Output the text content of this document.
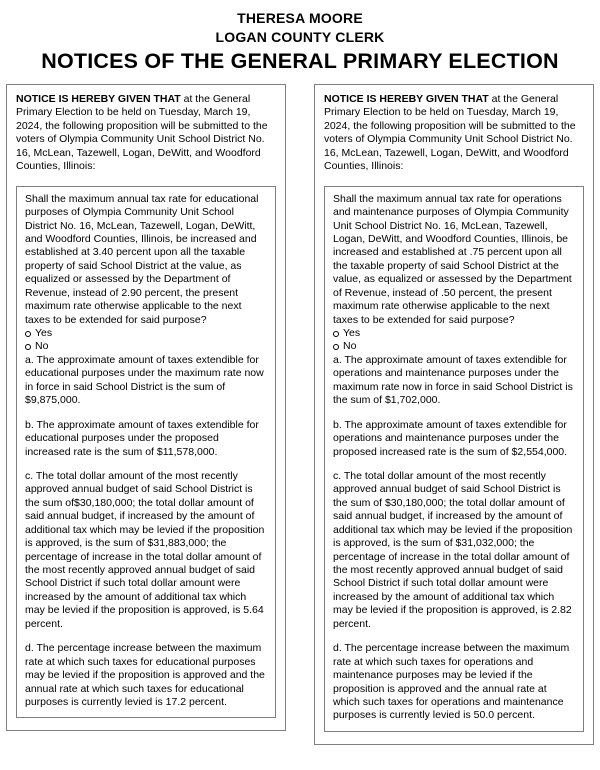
THERESA MOORE
LOGAN COUNTY CLERK
NOTICES OF THE GENERAL PRIMARY ELECTION

NOTICE IS HEREBY GIVEN THAT at the General Primary Election to be held on Tuesday, March 19, 2024, the following proposition will be submitted to the voters of Olympia Community Unit School District No. 16, McLean, Tazewell, Logan, DeWitt, and Woodford Counties, Illinois:

Shall the maximum annual tax rate for educational purposes of Olympia Community Unit School District No. 16, McLean, Tazewell, Logan, DeWitt, and Woodford Counties, Illinois, be increased and established at 3.40 percent upon all the taxable property of said School District at the value, as equalized or assessed by the Department of Revenue, instead of 2.90 percent, the present maximum rate otherwise applicable to the next taxes to be extended for said purpose?

Yes
No

a. The approximate amount of taxes extendible for educational purposes under the maximum rate now in force in said School District is the sum of $9,875,000.

b. The approximate amount of taxes extendible for educational purposes under the proposed increased rate is the sum of $11,578,000.

c. The total dollar amount of the most recently approved annual budget of said School District is the sum of$30,180,000; the total dollar amount of said annual budget, if increased by the amount of additional tax which may be levied if the proposition is approved, is the sum of $31,883,000; the percentage of increase in the total dollar amount of the most recently approved annual budget of said School District if such total dollar amount were increased by the amount of additional tax which may be levied if the proposition is approved, is 5.64 percent.

d. The percentage increase between the maximum rate at which such taxes for educational purposes may be levied if the proposition is approved and the annual rate at which such taxes for educational purposes is currently levied is 17.2 percent.

NOTICE IS HEREBY GIVEN THAT at the General Primary Election to be held on Tuesday, March 19, 2024, the following proposition will be submitted to the voters of Olympia Community Unit School District No. 16, McLean, Tazewell, Logan, DeWitt, and Woodford Counties, Illinois:

Shall the maximum annual tax rate for operations and maintenance purposes of Olympia Community Unit School District No. 16, McLean, Tazewell, Logan, DeWitt, and Woodford Counties, Illinois, be increased and established at .75 percent upon all the taxable property of said School District at the value, as equalized or assessed by the Department of Revenue, instead of .50 percent, the present maximum rate otherwise applicable to the next taxes to be extended for said purpose?

Yes
No

a. The approximate amount of taxes extendible for operations and maintenance purposes under the maximum rate now in force in said School District is the sum of $1,702,000.

b. The approximate amount of taxes extendible for operations and maintenance purposes under the proposed increased rate is the sum of $2,554,000.

c. The total dollar amount of the most recently approved annual budget of said School District is the sum of $30,180,000; the total dollar amount of said annual budget, if increased by the amount of additional tax which may be levied if the proposition is approved, is the sum of $31,032,000; the percentage of increase in the total dollar amount of the most recently approved annual budget of said School District if such total dollar amount were increased by the amount of additional tax which may be levied if the proposition is approved, is 2.82 percent.

d. The percentage increase between the maximum rate at which such taxes for operations and maintenance purposes may be levied if the proposition is approved and the annual rate at which such taxes for operations and maintenance purposes is currently levied is 50.0 percent.
